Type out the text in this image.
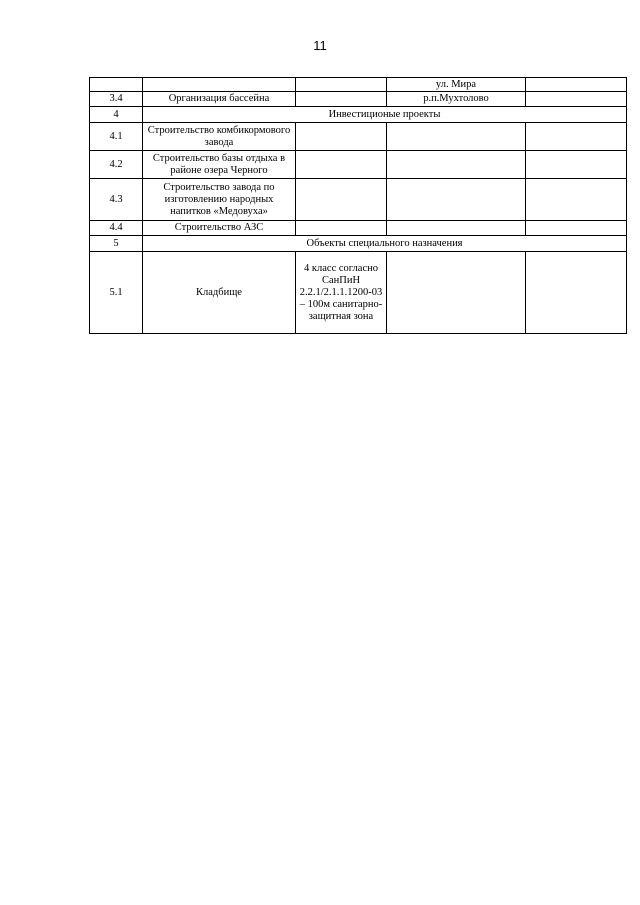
11
			ул. Мира	
3.4	Организация бассейна		р.п.Мухтолово	
4	Инвестиционые проекты			
4.1	Строительство комбикормового завода			
4.2	Строительство базы отдыха в районе озера Черного			
4.3	Строительство завода по изготовлению народных напитков «Медовуха»			
4.4	Строительство АЗС			
5	Объекты специального назначения			
5.1	Кладбище	4 класс согласно СанПиН 2.2.1/2.1.1.1200-03 – 100м санитарно-защитная зона		
